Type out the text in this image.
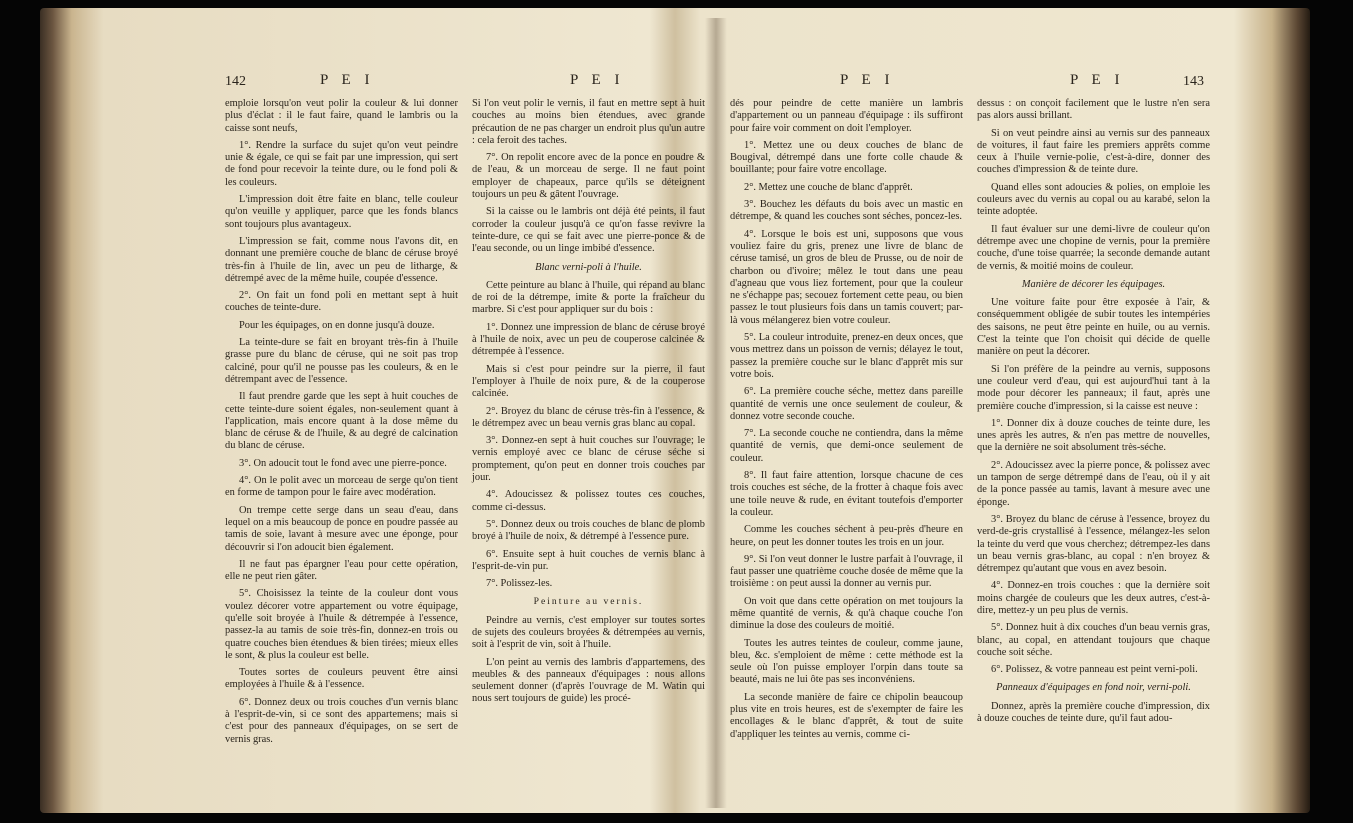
142	P E I	P E I

emploie lorsqu'on veut polir la couleur & lui donner plus d'éclat : il le faut faire, quand le lambris ou la caisse sont neufs,

1°. Rendre la surface du sujet qu'on veut peindre unie & égale, ce qui se fait par une impression, qui sert de fond pour recevoir la teinte dure, ou le fond poli & les couleurs.

L'impression doit être faite en blanc, telle couleur qu'on veuille y appliquer, parce que les fonds blancs sont toujours plus avantageux.

L'impression se fait, comme nous l'avons dit, en donnant une première couche de blanc de céruse broyé très-fin à l'huile de lin, avec un peu de litharge, & détrempé avec de la même huile, coupée d'essence.

2°. On fait un fond poli en mettant sept à huit couches de teinte-dure.

Pour les équipages, on en donne jusqu'à douze.

La teinte-dure se fait en broyant très-fin à l'huile grasse pure du blanc de céruse, qui ne soit pas trop calciné, pour qu'il ne pousse pas les couleurs, & en le détrempant avec de l'essence.

Il faut prendre garde que les sept à huit couches de cette teinte-dure soient égales, non-seulement quant à l'application, mais encore quant à la dose même du blanc de céruse & de l'huile, & au degré de calcination du blanc de céruse.

3°. On adoucit tout le fond avec une pierre-ponce.

4°. On le polit avec un morceau de serge qu'on tient en forme de tampon pour le faire avec modération.

On trempe cette serge dans un seau d'eau, dans lequel on a mis beaucoup de ponce en poudre passée au tamis de soie, lavant à mesure avec une éponge, pour découvrir si l'on adoucit bien également.

Il ne faut pas épargner l'eau pour cette opération, elle ne peut rien gâter.

5°. Choisissez la teinte de la couleur dont vous voulez décorer votre appartement ou votre équipage, qu'elle soit broyée à l'huile & détrempée à l'essence, passez-la au tamis de soie très-fin, donnez-en trois ou quatre couches bien étendues & bien tirées; mieux elles le sont, & plus la couleur est belle.

Toutes sortes de couleurs peuvent être ainsi employées à l'huile & à l'essence.

6°. Donnez deux ou trois couches d'un vernis blanc à l'esprit-de-vin, si ce sont des appartemens; mais si c'est pour des panneaux d'équipages, on se sert de vernis gras.

Si l'on veut polir le vernis, il faut en mettre sept à huit couches au moins bien étendues, avec grande précaution de ne pas charger un endroit plus qu'un autre : cela feroit des taches.

7°. On repolit encore avec de la ponce en poudre & de l'eau, & un morceau de serge. Il ne faut point employer de chapeaux, parce qu'ils se déteignent toujours un peu & gâtent l'ouvrage.

Si la caisse ou le lambris ont déjà été peints, il faut corroder la couleur jusqu'à ce qu'on fasse revivre la teinte-dure, ce qui se fait avec une pierre-ponce & de l'eau seconde, ou un linge imbibé d'essence.

Blanc verni-poli à l'huile.

Cette peinture au blanc à l'huile, qui répand au blanc de roi de la détrempe, imite & porte la fraîcheur du marbre. Si c'est pour appliquer sur du bois :

1°. Donnez une impression de blanc de céruse broyé à l'huile de noix, avec un peu de couperose calcinée & détrempée à l'essence.

Mais si c'est pour peindre sur la pierre, il faut l'employer à l'huile de noix pure, & de la couperose calcinée.

2°. Broyez du blanc de céruse très-fin à l'essence, & le détrempez avec un beau vernis gras blanc au copal.

3°. Donnez-en sept à huit couches sur l'ouvrage; le vernis employé avec ce blanc de céruse séche si promptement, qu'on peut en donner trois couches par jour.

4°. Adoucissez & polissez toutes ces couches, comme ci-dessus.

5°. Donnez deux ou trois couches de blanc de plomb broyé à l'huile de noix, & détrempé à l'essence pure.

6°. Ensuite sept à huit couches de vernis blanc à l'esprit-de-vin pur.

7°. Polissez-les.

Peinture au vernis.

Peindre au vernis, c'est employer sur toutes sortes de sujets des couleurs broyées & détrempées au vernis, soit à l'esprit de vin, soit à l'huile.

L'on peint au vernis des lambris d'appartemens, des meubles & des panneaux d'équipages : nous allons seulement donner (d'après l'ouvrage de M. Watin qui nous sert toujours de guide) les procé-

P E I	P E I	143

dés pour peindre de cette manière un lambris d'appartement ou un panneau d'équipage : ils suffiront pour faire voir comment on doit l'employer.

1°. Mettez une ou deux couches de blanc de Bougival, détrempé dans une forte colle chaude & bouillante; pour faire votre encollage.

2°. Mettez une couche de blanc d'apprêt.

3°. Bouchez les défauts du bois avec un mastic en détrempe, & quand les couches sont séches, poncez-les.

4°. Lorsque le bois est uni, supposons que vous vouliez faire du gris, prenez une livre de blanc de céruse tamisé, un gros de bleu de Prusse, ou de noir de charbon ou d'ivoire; mêlez le tout dans une peau d'agneau que vous liez fortement, pour que la couleur ne s'échappe pas; secouez fortement cette peau, ou bien passez le tout plusieurs fois dans un tamis couvert; par-là vous mélangerez bien votre couleur.

5°. La couleur introduite, prenez-en deux onces, que vous mettrez dans un poisson de vernis; délayez le tout, passez la première couche sur le blanc d'apprêt mis sur votre bois.

6°. La première couche séche, mettez dans pareille quantité de vernis une once seulement de couleur, & donnez votre seconde couche.

7°. La seconde couche ne contiendra, dans la même quantité de vernis, que demi-once seulement de couleur.

8°. Il faut faire attention, lorsque chacune de ces trois couches est séche, de la frotter à chaque fois avec une toile neuve & rude, en évitant toutefois d'emporter la couleur.

Comme les couches séchent à peu-près d'heure en heure, on peut les donner toutes les trois en un jour.

9°. Si l'on veut donner le lustre parfait à l'ouvrage, il faut passer une quatrième couche dosée de même que la troisième : on peut aussi la donner au vernis pur.

On voit que dans cette opération on met toujours la même quantité de vernis, & qu'à chaque couche l'on diminue la dose des couleurs de moitié.

Toutes les autres teintes de couleur, comme jaune, bleu, &c. s'emploient de même : cette méthode est la seule où l'on puisse employer l'orpin dans toute sa beauté, mais ne lui ôte pas ses inconvéniens.

La seconde manière de faire ce chipolin beaucoup plus vite en trois heures, est de s'exempter de faire les encollages & le blanc d'apprêt, & tout de suite d'appliquer les teintes au vernis, comme ci-

dessus : on conçoit facilement que le lustre n'en sera pas alors aussi brillant.

Si on veut peindre ainsi au vernis sur des panneaux de voitures, il faut faire les premiers apprêts comme ceux à l'huile vernie-polie, c'est-à-dire, donner des couches d'impression & de teinte dure.

Quand elles sont adoucies & polies, on emploie les couleurs avec du vernis au copal ou au karabé, selon la teinte adoptée.

Il faut évaluer sur une demi-livre de couleur qu'on détrempe avec une chopine de vernis, pour la première couche, d'une toise quarrée; la seconde demande autant de vernis, & moitié moins de couleur.

Manière de décorer les équipages.

Une voiture faite pour être exposée à l'air, & conséquemment obligée de subir toutes les intempéries des saisons, ne peut être peinte en huile, ou au vernis. C'est la teinte que l'on choisit qui décide de quelle manière on peut la décorer.

Si l'on préfère de la peindre au vernis, supposons une couleur verd d'eau, qui est aujourd'hui tant à la mode pour décorer les panneaux; il faut, après une première couche d'impression, si la caisse est neuve :

1°. Donner dix à douze couches de teinte dure, les unes après les autres, & n'en pas mettre de nouvelles, que la dernière ne soit absolument très-séche.

2°. Adoucissez avec la pierre ponce, & polissez avec un tampon de serge détrempé dans de l'eau, où il y ait de la ponce passée au tamis, lavant à mesure avec une éponge.

3°. Broyez du blanc de céruse à l'essence, broyez du verd-de-gris crystallisé à l'essence, mélangez-les selon la teinte du verd que vous cherchez; détrempez-les dans un beau vernis gras-blanc, au copal : n'en broyez & détrempez qu'autant que vous en avez besoin.

4°. Donnez-en trois couches : que la dernière soit moins chargée de couleurs que les deux autres, c'est-à-dire, mettez-y un peu plus de vernis.

5°. Donnez huit à dix couches d'un beau vernis gras, blanc, au copal, en attendant toujours que chaque couche soit séche.

6°. Polissez, & votre panneau est peint verni-poli.

Panneaux d'équipages en fond noir, verni-poli.

Donnez, après la première couche d'impression, dix à douze couches de teinte dure, qu'il faut adou-
